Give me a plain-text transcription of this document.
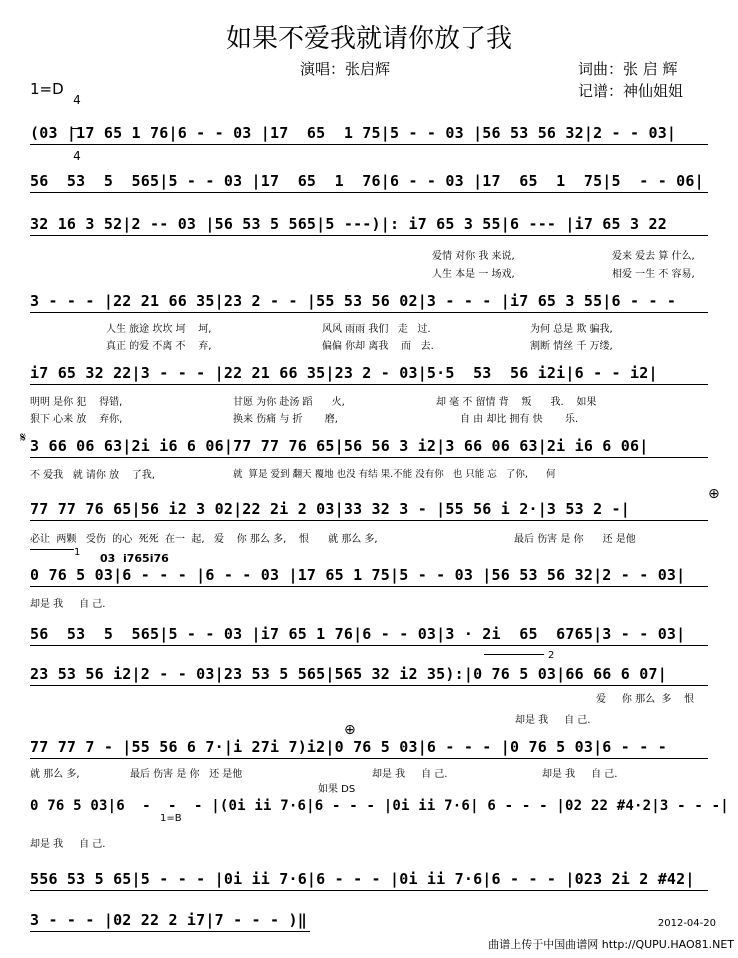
如果不爱我就请你放了我
演唱：张启辉	词曲：张 启 辉
记谱：神仙姐姐
1=D

4

4

(03 |17 65 1 76|6 - - 03 |17  65  1 75|5 - - 03 |56 53 56 32|2 - - 03|
56  53  5  565|5 - - 03 |17  65  1  76|6 - - 03 |17  65  1  75|5  - - 06|
32 16 3 52|2 -- 03 |56 53 5 565|5 ---)|: i7 65 3 55|6 --- |i7 65 3 22
3 - - - |22 21 66 35|23 2 - - |55 53 56 02|3 - - - |i7 65 3 55|6 - - -
i7 65 32 22|3 - - - |22 21 66 35|23 2 - 03|5·5  53  56 i2i|6 - - i2|
3 66 06 63|2i i6 6 06|77 77 76 65|56 56 3 i2|3 66 06 63|2i i6 6 06|
77 77 76 65|56 i2 3 02|22 2i 2 03|33 32 3 - |55 56 i 2·|3 53 2 -|
0 76 5 03|6 - - - |6 - - 03 |17 65 1 75|5 - - 03 |56 53 56 32|2 - - 03|
56  53  5  565|5 - - 03 |i7 65 1 76|6 - - 03|3 · 2i  65  6765|3 - - 03|
23 53 56 i2|2 - - 03|23 53 5 565|565 32 i2 35):|0 76 5 03|66 66 6 07|
77 77 7 - |55 56 6 7·|i 27i 7)i2|0 76 5 03|6 - - - |0 76 5 03|6 - - -
0 76 5 03|6  -  -  - |(0i ii 7·6|6 - - - |0i ii 7·6| 6 - - - |02 22 #4·2|3 - - -|
556 53 5 65|5 - - - |0i ii 7·6|6 - - - |0i ii 7·6|6 - - - |023 2i 2 #42|
3 - - - |02 22 2 i7|7 - - - )‖
爱情 对你 我 来说,	爱来 爱去 算 什么,
人生 本是 一 场戏,	相爱 一生 不 容易,
人生 旅途 坎坎 坷    坷,	风风 雨雨 我们   走   过.	为何 总是 欺 骗我,
真正 的爱 不离 不    弃,	偏偏 你却 离我    而   去.	割断 情丝 千 万缕,
明明 是你 犯    得错,	甘愿 为你 赴汤 蹈      火,	却 毫 不 留情 背    叛      我.    如果
狠下 心来 放    弃你,	换来 伤痛 与 折       磨,	自 由 却比 拥有 快       乐.
不 爱我   就 请你 放    了我,	就  算是 爱到 翻天 覆地 也没 有结 果.不能 没有你   也 只能 忘   了你,      何
必让  两颗   受伤  的心  死死  在一  起,   爱    你 那么 多,    恨      就 那么 多,	最后 伤害 是 你      还 是他
却是 我     自 己.
爱     你 那么  多    恨
却是 我     自 己.
就 那么 多,	最后 伤害 是 你   还 是他	却是 我     自 己.	却是 我     自 己.
却是 我     自 己.
如果 DS
1=B
03  i765i76
1
2
𝄋
⊕
⊕
2012-04-20
曲谱上传于中国曲谱网 http://QUPU.HAO81.NET
